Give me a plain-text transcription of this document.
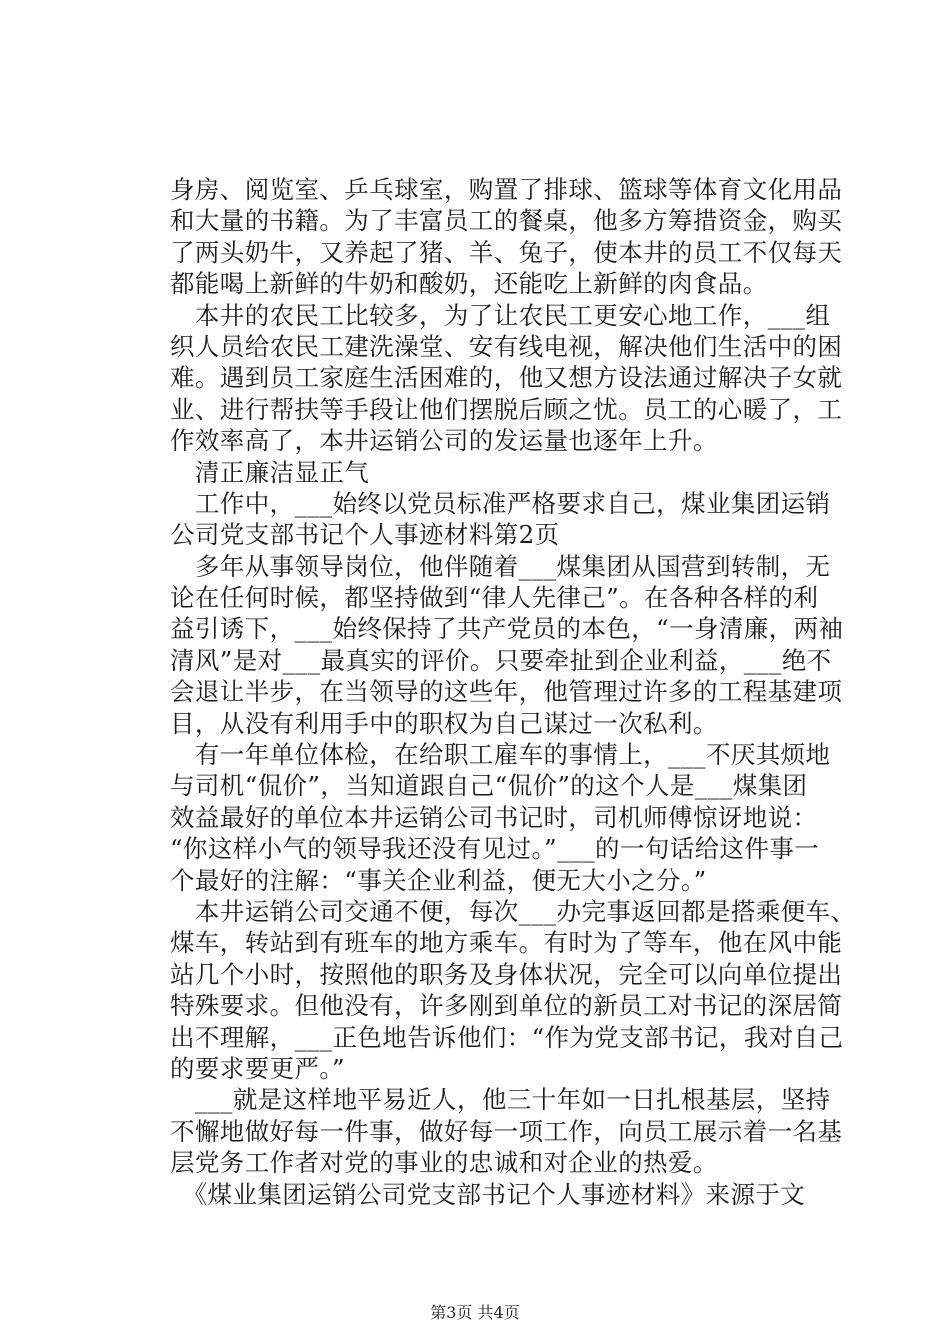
身房、阅览室、乒乓球室，购置了排球、篮球等体育文化用品
和大量的书籍。为了丰富员工的餐桌，他多方筹措资金，购买
了两头奶牛，又养起了猪、羊、兔子，使本井的员工不仅每天
都能喝上新鲜的牛奶和酸奶，还能吃上新鲜的肉食品。
　本井的农民工比较多，为了让农民工更安心地工作，___组
织人员给农民工建洗澡堂、安有线电视，解决他们生活中的困
难。遇到员工家庭生活困难的，他又想方设法通过解决子女就
业、进行帮扶等手段让他们摆脱后顾之忧。员工的心暖了，工
作效率高了，本井运销公司的发运量也逐年上升。
　清正廉洁显正气
　工作中，___始终以党员标准严格要求自己，煤业集团运销
公司党支部书记个人事迹材料第2页
　多年从事领导岗位，他伴随着___煤集团从国营到转制，无
论在任何时候，都坚持做到“律人先律己”。在各种各样的利
益引诱下，___始终保持了共产党员的本色，“一身清廉，两袖
清风”是对___最真实的评价。只要牵扯到企业利益，___绝不
会退让半步，在当领导的这些年，他管理过许多的工程基建项
目，从没有利用手中的职权为自己谋过一次私利。
　有一年单位体检，在给职工雇车的事情上，___不厌其烦地
与司机“侃价”，当知道跟自己“侃价”的这个人是___煤集团
效益最好的单位本井运销公司书记时，司机师傅惊讶地说：
“你这样小气的领导我还没有见过。”___的一句话给这件事一
个最好的注解：“事关企业利益，便无大小之分。”
　本井运销公司交通不便，每次___办完事返回都是搭乘便车、
煤车，转站到有班车的地方乘车。有时为了等车，他在风中能
站几个小时，按照他的职务及身体状况，完全可以向单位提出
特殊要求。但他没有，许多刚到单位的新员工对书记的深居简
出不理解，___正色地告诉他们：“作为党支部书记，我对自己
的要求要更严。”
　___就是这样地平易近人，他三十年如一日扎根基层，坚持
不懈地做好每一件事，做好每一项工作，向员工展示着一名基
层党务工作者对党的事业的忠诚和对企业的热爱。
　《煤业集团运销公司党支部书记个人事迹材料》来源于文
第3页 共4页
